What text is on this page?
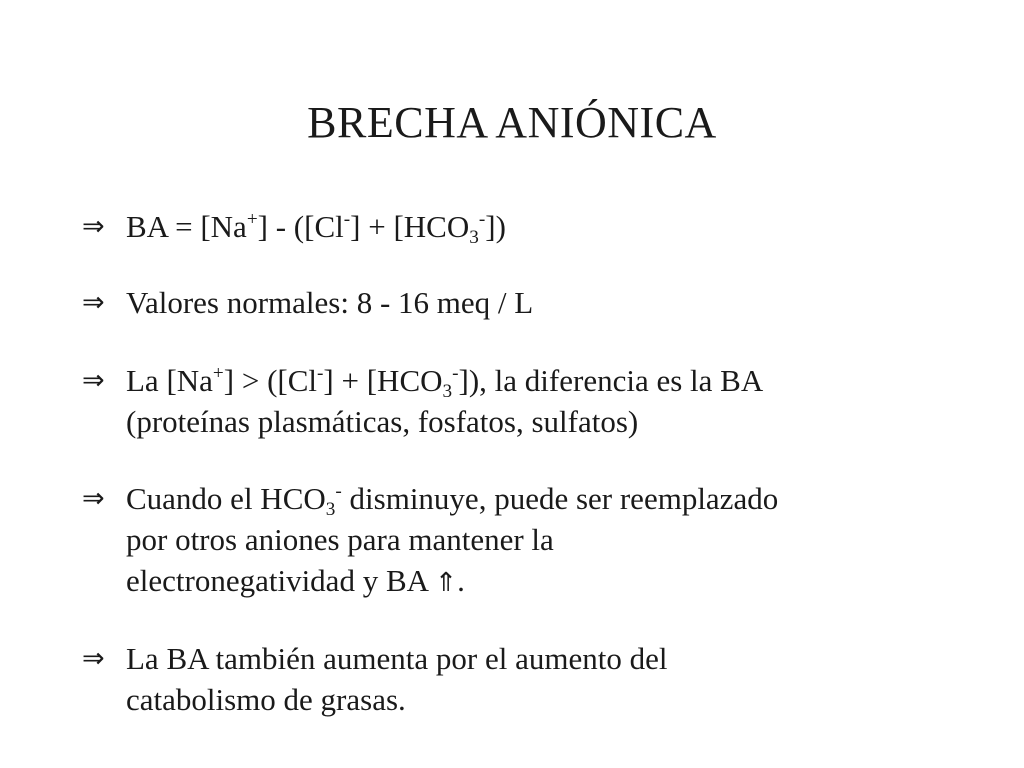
BRECHA ANIÓNICA
⇒ BA = $[Na^+] - ([Cl^-] + [HCO_3^-])$
⇒ Valores normales: 8 - 16 meq / L
⇒ La $[Na^+] > ([Cl^-] + [HCO_3^-])$, la diferencia es la BA
(proteínas plasmáticas, fosfatos, sulfatos)
⇒ Cuando el $HCO_3^-$ disminuye, puede ser reemplazado
por otros aniones para mantener la
electronegatividad y BA ⇑.
⇒ La BA también aumenta por el aumento del
catabolismo de grasas.
